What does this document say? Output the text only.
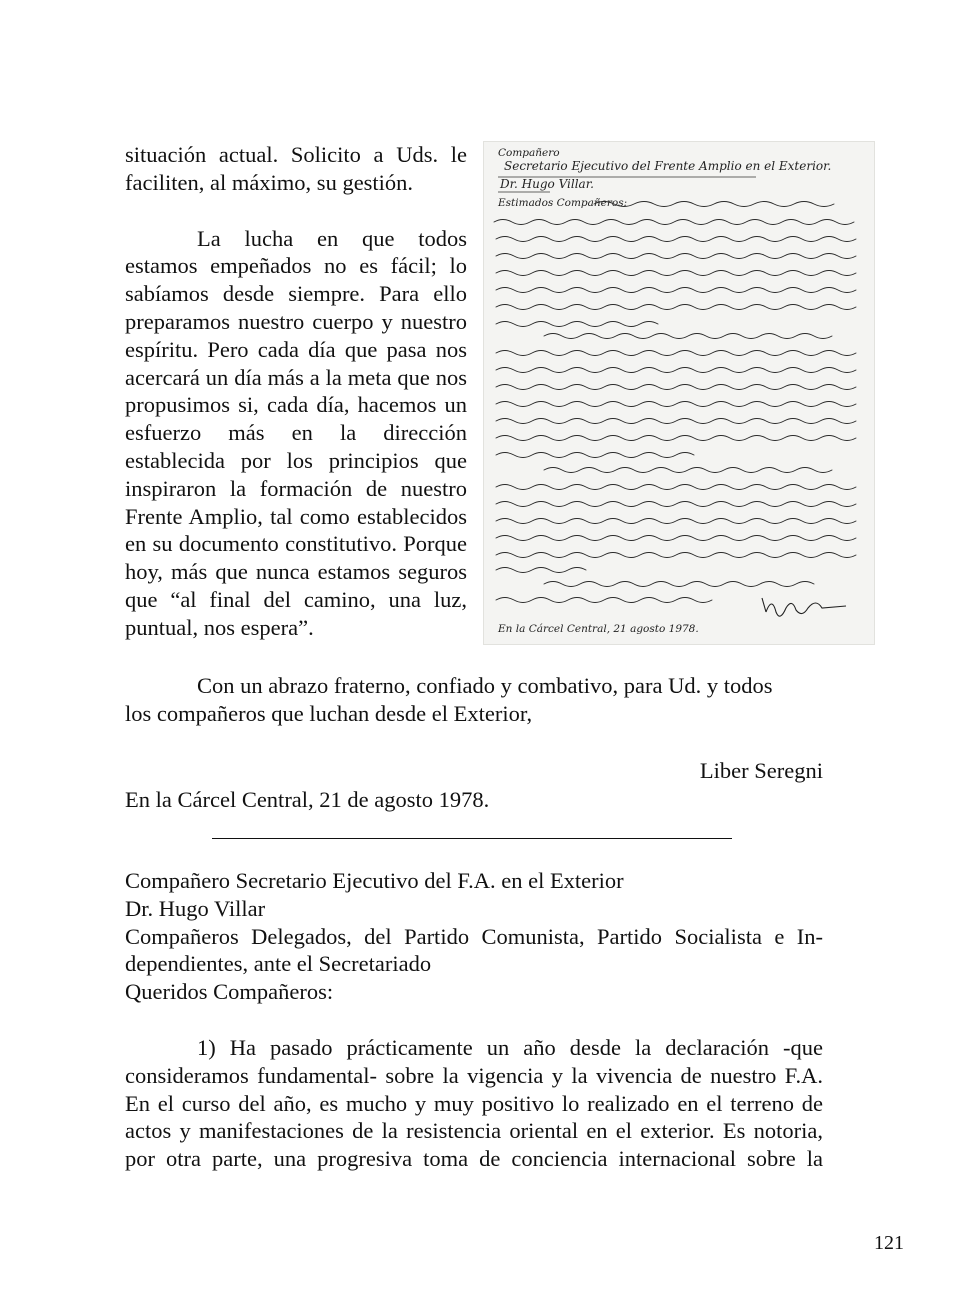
situación actual. Solicito a Uds. le faciliten, al máximo, su gestión.

La lucha en que todos estamos empeñados no es fácil; lo sabíamos desde siempre. Para ello preparamos nuestro cuerpo y nuestro espíritu. Pero cada día que pasa nos acercará un día más a la meta que nos propusimos si, cada día, hacemos un esfuerzo más en la dirección establecida por los principios que inspiraron la formación de nuestro Frente Amplio, tal como establecidos en su documento constitutivo. Porque hoy, más que nunca estamos seguros que “al final del camino, una luz, puntual, nos espera”.

Compañero
Secretario Ejecutivo del Frente Amplio en el Exterior.
Dr. Hugo Villar.
Estimados Compañeros:
En la Cárcel Central, 21 agosto 1978.

Con un abrazo fraterno, confiado y combativo, para Ud. y todos

los compañeros que luchan desde el Exterior,

Liber Seregni
En la Cárcel Central, 21 de agosto 1978.

Compañero Secretario Ejecutivo del F.A. en el Exterior

Dr. Hugo Villar

Compañeros Delegados, del Partido Comunista, Partido Socialista e In-

dependientes, ante el Secretariado

Queridos Compañeros:

1) Ha pasado prácticamente un año desde la declaración -que

consideramos fundamental- sobre la vigencia y la vivencia de nuestro F.A.

En el curso del año, es mucho y muy positivo lo realizado en el terreno de

actos y manifestaciones de la resistencia oriental en el exterior. Es notoria,

por otra parte, una progresiva toma de conciencia internacional sobre la

121
